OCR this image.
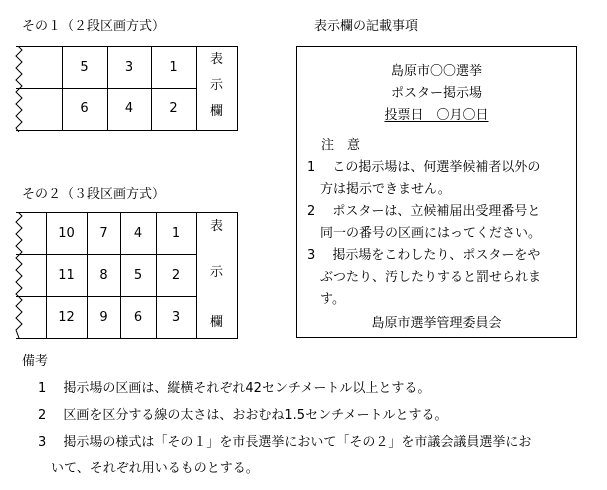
その１（２段区画方式）
5	3	1
6	4	2
表
示
欄
その２（３段区画方式）
10	7	4	1
11	8	5	2
12	9	6	3
表
示
欄
表示欄の記載事項
島原市〇〇選挙
ポスター掲示場
投票日　〇月〇日
注　意
1　 この掲示場は、何選挙候補者以外の
　方は掲示できません。
2　 ポスターは、立候補届出受理番号と
　同一の番号の区画にはってください。
3　 掲示場をこわしたり、ポスターをや
　ぶつたり、汚したりすると罰せられま
　す。
島原市選挙管理委員会
備考
1　 掲示場の区画は、縦横それぞれ42センチメートル以上とする。
2　 区画を区分する線の太さは、おおむね1.5センチメートルとする。
3　 掲示場の様式は「その１」を市長選挙において「その２」を市議会議員選挙にお
　いて、それぞれ用いるものとする。
